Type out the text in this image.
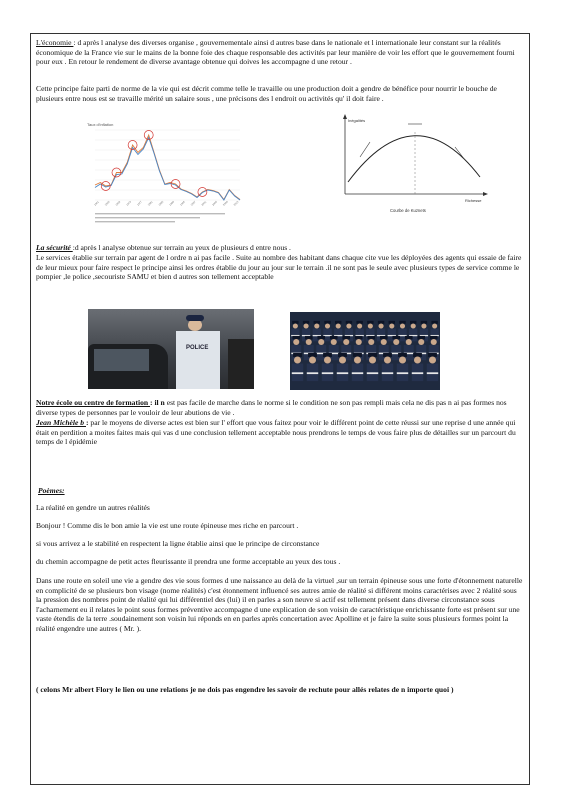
L'économie : d après l analyse des diverses organise , gouvernementale ainsi d autres base dans le nationale et l internationale leur constant sur la réalités économique de la France vie sur le mains de la bonne foie des chaque responsable des activités par leur manière de voir les effort que le gouvernement fourni pour eux . En retour le rendement de diverse avantage obtenue qui doives les accompagne d une retour .

Cette principe faite parti de norme de la vie qui est décrit comme telle le travaille ou une production doit a gendre de bénéfice pour nourrir le bouche de plusieurs entre nous est se travaille mérité un salaire sous , une précisons des l endroit ou activités qu' il doit faire .

Taux d'inflation
1961 1965 1969 1973 1977 1981 1985 1989 1993 1997 2001 2005 2009 2013
Inégalités
Richesse
Courbe de Kuznets

La sécurité :d après l analyse obtenue sur terrain au yeux de plusieurs d entre nous .

Le services établie sur terrain par agent de l ordre n ai pas facile . Suite au nombre des habitant dans chaque cite vue les déployées des agents qui essaie de faire de leur mieux pour faire respect le principe ainsi les ordres établie du jour au jour sur le terrain .il ne sont pas le seule avec plusieurs types de service comme le pompier ,le police ,secouriste SAMU et bien d autres son tellement acceptable

POLICE

Notre école ou centre de formation : il n est pas facile de marche dans le norme si le condition ne son pas rempli mais cela ne dis pas n ai pas formes nos diverse types de personnes par le vouloir de leur abutions de vie .

Jean Michèle b : par le moyens de diverse actes est bien sur l' effort que vous faitez pour voir le différent point de cette réussi sur une reprise d une année qui était en perdition a moites faites mais qui vas d une conclusion tellement acceptable nous prendrons le temps de vous faire plus de détailles sur un parcourt du temps de l épidémie

Poèmes:

La réalité en gendre un autres réalités

Bonjour ! Comme dis le bon amie la vie est une route épineuse mes riche en parcourt .

si vous arrivez a le stabilité en respectent la ligne établie ainsi que le principe de circonstance

du chemin accompagne de petit actes fleurissante il prendra une forme acceptable au yeux des tous .

Dans une route en soleil une vie a gendre des vie sous formes d une naissance au delà de la virtuel ,sur un terrain épineuse sous une forte d'étonnement naturelle en complicité de se plusieurs bon visage (nome réalités) c'est étonnement influencé ses autres amie de réalité si différent moins caractérises avec 2 réalité sous la pression des nombres point de réalité qui lui différentiel des (lui) il en parles a son neuve si actif est tellement présent dans diverse circonstance sous l'acharnement eu il relates le point sous formes préventive accompagne d une explication de son voisin de caractéristique enrichissante forte est présent sur une vaste étendis de la terre .soudainement son voisin lui réponds en en parles après concertation avec Apolline et je faire la suite sous plusieurs formes point la réalité engendre une autres ( Mr. ).

( celons Mr albert Flory le lien ou une relations je ne dois pas engendre les savoir de rechute pour allés relates de n importe quoi )
